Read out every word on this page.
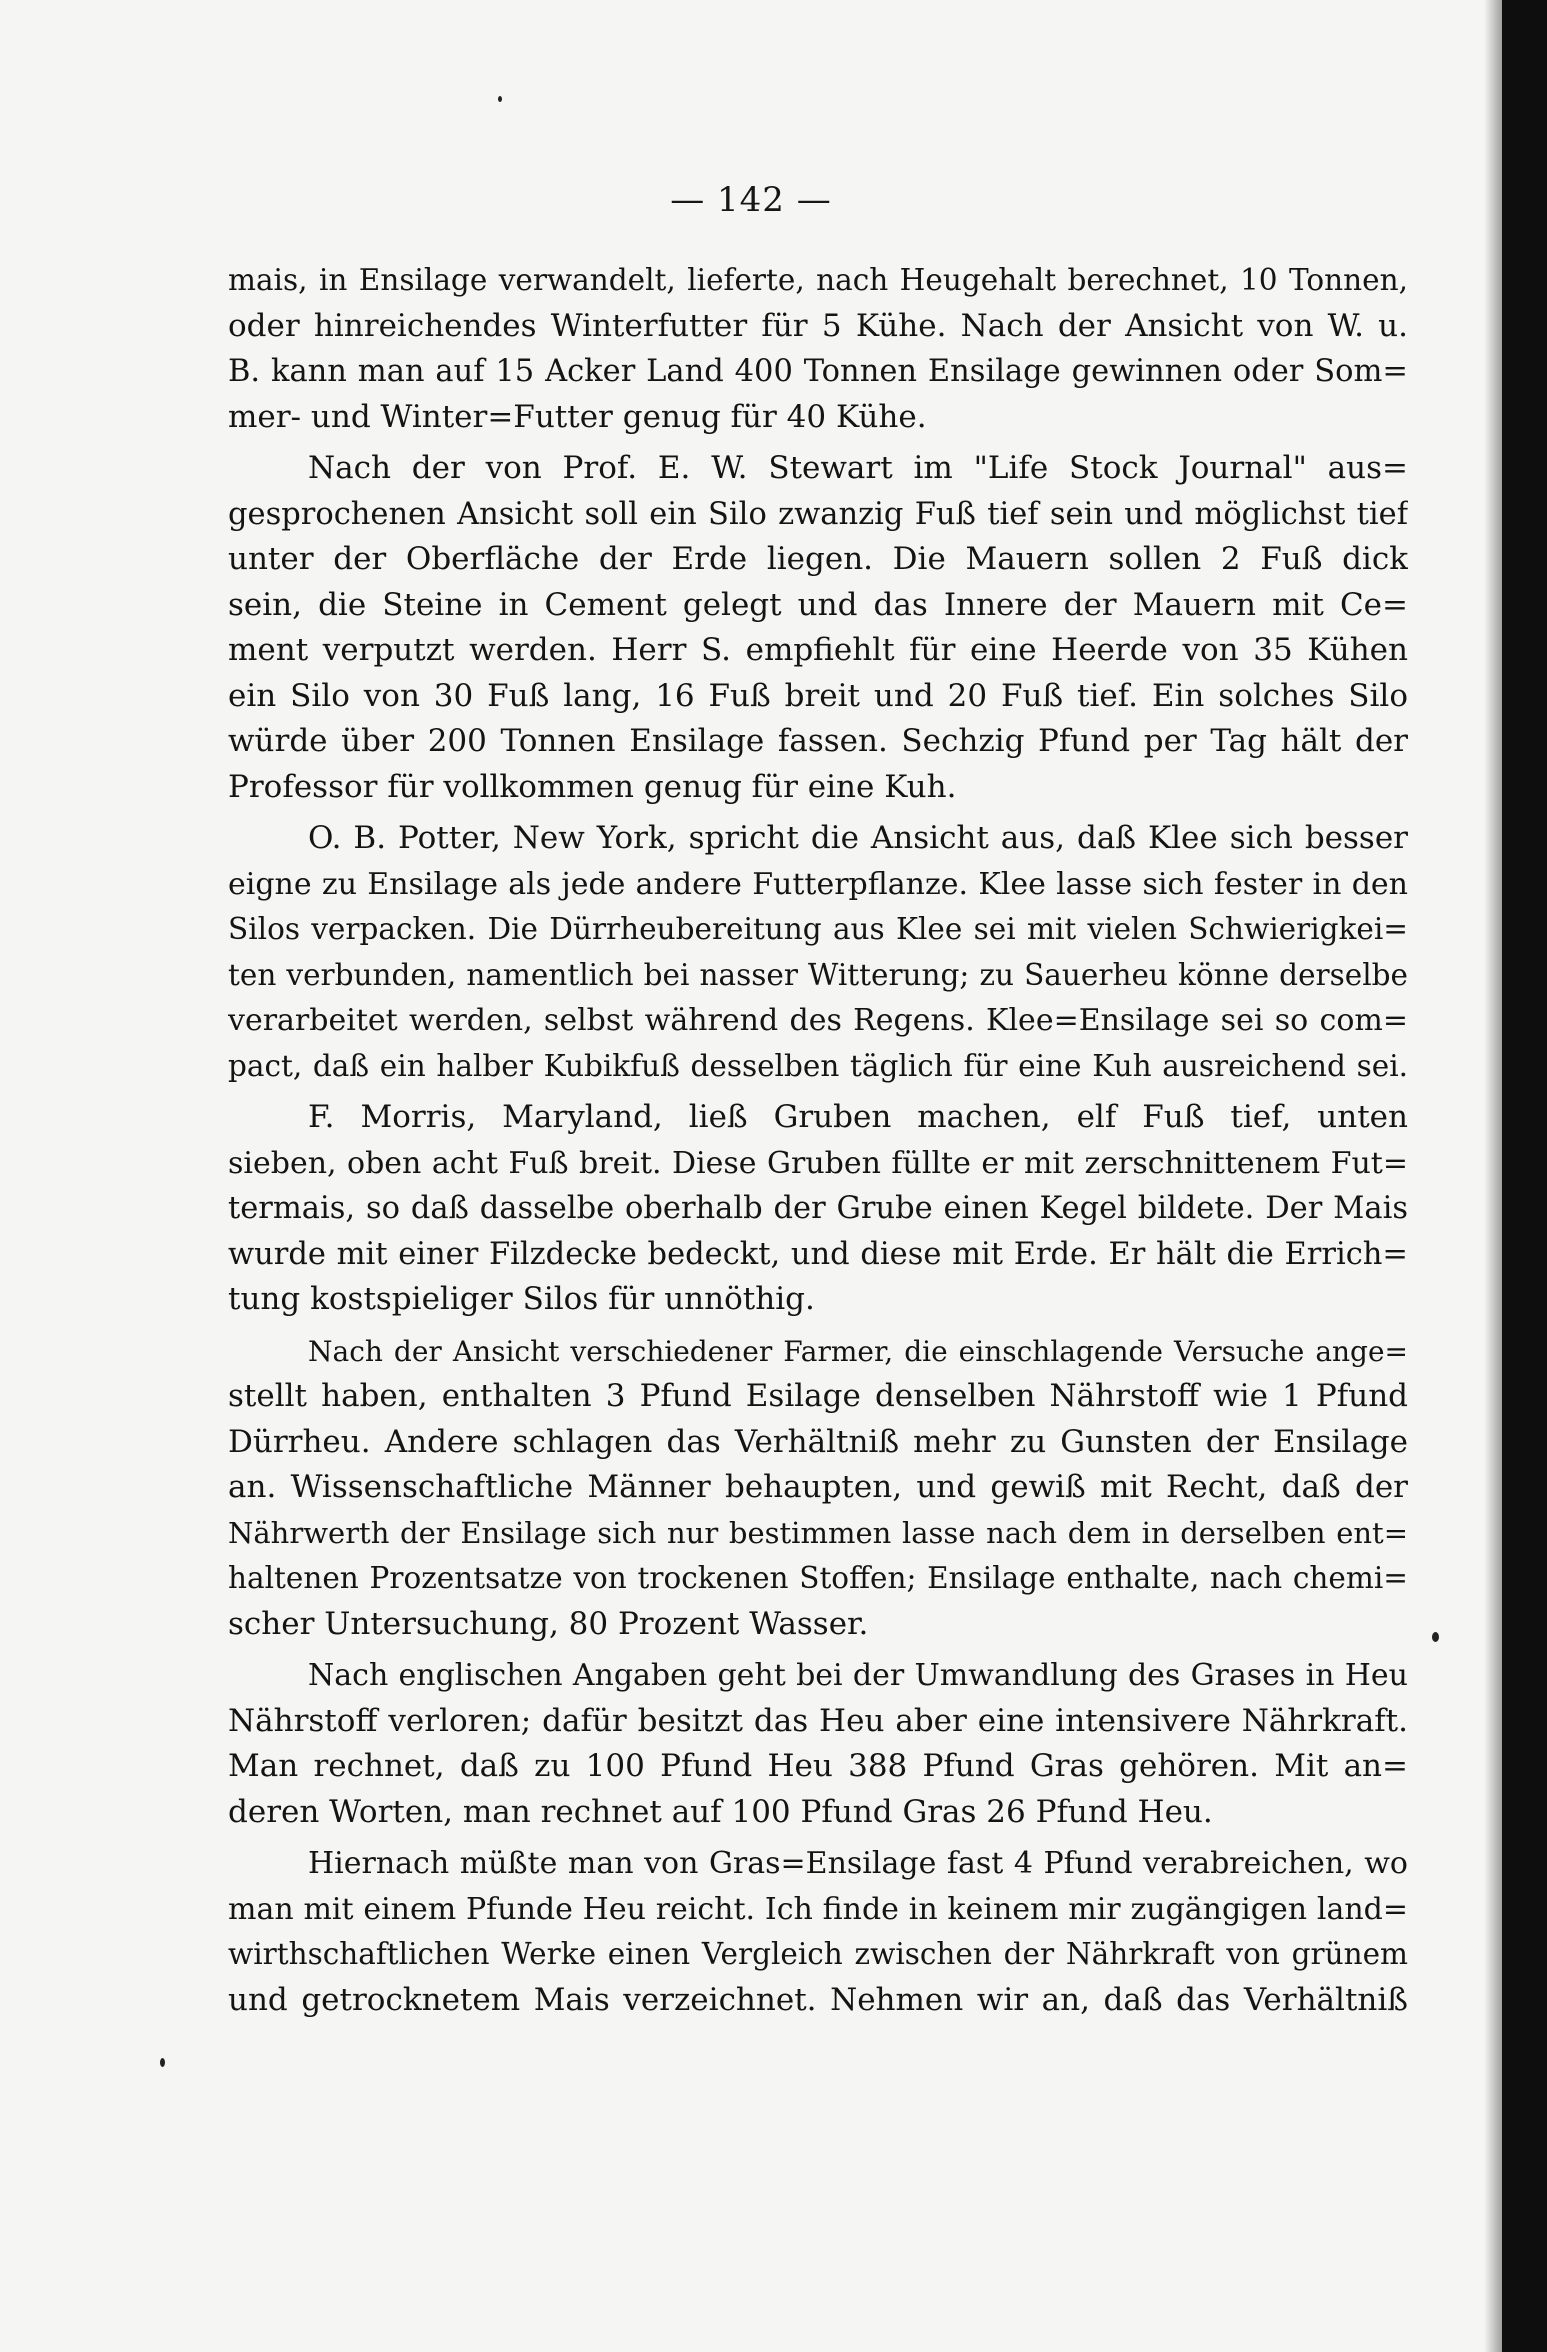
— 142 —
mais, in Ensilage verwandelt, lieferte, nach Heugehalt berechnet, 10 Tonnen,
oder hinreichendes Winterfutter für 5 Kühe. Nach der Ansicht von W. u.
B. kann man auf 15 Acker Land 400 Tonnen Ensilage gewinnen oder Som=
mer- und Winter=Futter genug für 40 Kühe.
Nach der von Prof. E. W. Stewart im "Life Stock Journal" aus=
gesprochenen Ansicht soll ein Silo zwanzig Fuß tief sein und möglichst tief
unter der Oberfläche der Erde liegen. Die Mauern sollen 2 Fuß dick
sein, die Steine in Cement gelegt und das Innere der Mauern mit Ce=
ment verputzt werden. Herr S. empfiehlt für eine Heerde von 35 Kühen
ein Silo von 30 Fuß lang, 16 Fuß breit und 20 Fuß tief. Ein solches Silo
würde über 200 Tonnen Ensilage fassen. Sechzig Pfund per Tag hält der
Professor für vollkommen genug für eine Kuh.
O. B. Potter, New York, spricht die Ansicht aus, daß Klee sich besser
eigne zu Ensilage als jede andere Futterpflanze. Klee lasse sich fester in den
Silos verpacken. Die Dürrheubereitung aus Klee sei mit vielen Schwierigkei=
ten verbunden, namentlich bei nasser Witterung; zu Sauerheu könne derselbe
verarbeitet werden, selbst während des Regens. Klee=Ensilage sei so com=
pact, daß ein halber Kubikfuß desselben täglich für eine Kuh ausreichend sei.
F. Morris, Maryland, ließ Gruben machen, elf Fuß tief, unten
sieben, oben acht Fuß breit. Diese Gruben füllte er mit zerschnittenem Fut=
termais, so daß dasselbe oberhalb der Grube einen Kegel bildete. Der Mais
wurde mit einer Filzdecke bedeckt, und diese mit Erde. Er hält die Errich=
tung kostspieliger Silos für unnöthig.
Nach der Ansicht verschiedener Farmer, die einschlagende Versuche ange=
stellt haben, enthalten 3 Pfund Esilage denselben Nährstoff wie 1 Pfund
Dürrheu. Andere schlagen das Verhältniß mehr zu Gunsten der Ensilage
an. Wissenschaftliche Männer behaupten, und gewiß mit Recht, daß der
Nährwerth der Ensilage sich nur bestimmen lasse nach dem in derselben ent=
haltenen Prozentsatze von trockenen Stoffen; Ensilage enthalte, nach chemi=
scher Untersuchung, 80 Prozent Wasser.
Nach englischen Angaben geht bei der Umwandlung des Grases in Heu
Nährstoff verloren; dafür besitzt das Heu aber eine intensivere Nährkraft.
Man rechnet, daß zu 100 Pfund Heu 388 Pfund Gras gehören. Mit an=
deren Worten, man rechnet auf 100 Pfund Gras 26 Pfund Heu.
Hiernach müßte man von Gras=Ensilage fast 4 Pfund verabreichen, wo
man mit einem Pfunde Heu reicht. Ich finde in keinem mir zugängigen land=
wirthschaftlichen Werke einen Vergleich zwischen der Nährkraft von grünem
und getrocknetem Mais verzeichnet. Nehmen wir an, daß das Verhältniß
